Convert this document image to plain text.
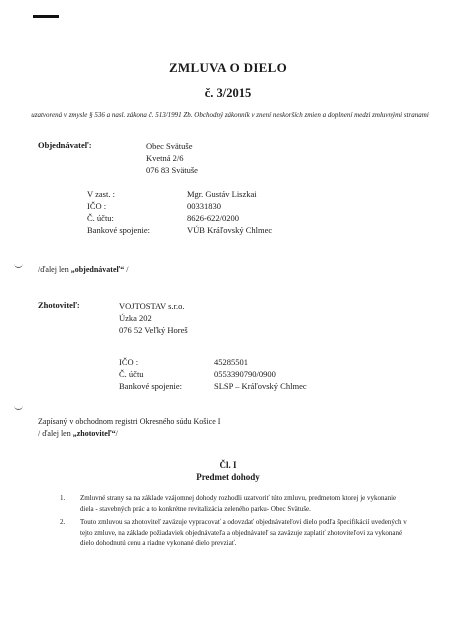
ZMLUVA O DIELO
č. 3/2015
uzatvorená v zmysle § 536 a nasl. zákona č. 513/1991 Zb. Obchodný zákonník v znení neskorších zmien a doplnení medzi zmluvnými stranami
Objednávateľ:	Obec Svätuše
Kvetná 2/6
076 83 Svätuše
V zast. :	Mgr. Gustáv Liszkai
IČO :	00331830
Č. účtu:	8626-622/0200
Bankové spojenie:	VÚB Kráľovský Chlmec
/ďalej len „objednávateľ“ /
Zhotoviteľ:	VOJTOSTAV s.r.o.
Úzka 202
076 52 Veľký Horeš
IČO :	45285501
Č. účtu	0553390790/0900
Bankové spojenie:	SLSP – Kráľovský Chlmec
Zapísaný v obchodnom registri Okresného súdu Košice I
/ ďalej len „zhotoviteľ“/
Čl. I
Predmet dohody
1. Zmluvné strany sa na základe vzájomnej dohody rozhodli uzatvoriť túto zmluvu, predmetom ktorej je vykonanie diela - stavebných prác a to konkrétne revitalizácia zeleného parku- Obec Svätuše.
2. Touto zmluvou sa zhotoviteľ zaväzuje vypracovať a odovzdať objednávateľovi dielo podľa špecifikácií uvedených v tejto zmluve, na základe požiadaviek objednávateľa a objednávateľ sa zaväzuje zaplatiť zhotoviteľovi za vykonané dielo dohodnutú cenu a riadne vykonané dielo prevziať.
